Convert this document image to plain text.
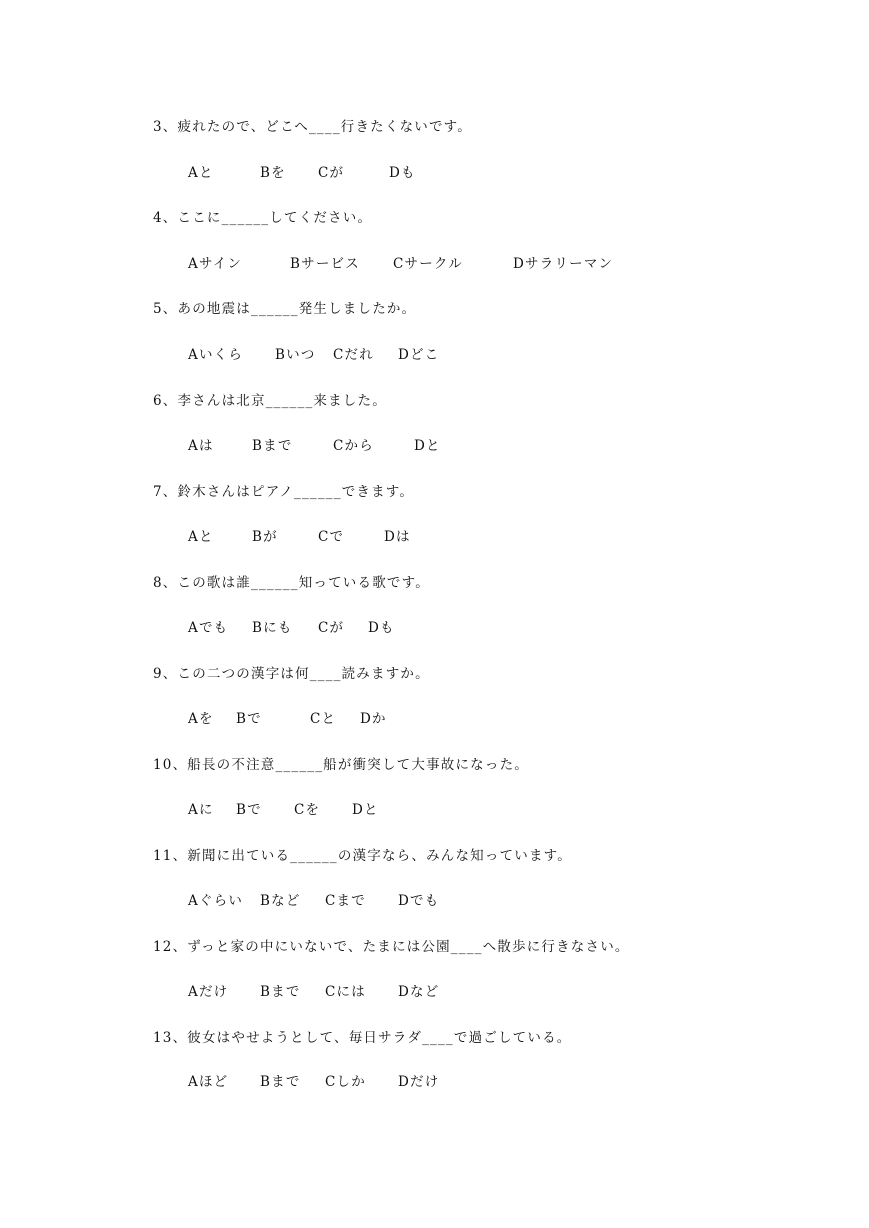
3、疲れたので、どこへ____行きたくないです。
Aと	Bを Cが	Dも
4、ここに______してください。
Aサイン	Bサービス Cサークル	Dサラリーマン
5、あの地震は______発生しましたか。
Aいくら Bいつ Cだれ Dどこ
6、李さんは北京______来ました。
Aは	Bまで	Cから	Dと
7、鈴木さんはピアノ______できます。
Aと	Bが	Cで	Dは
8、この歌は誰______知っている歌です。
Aでも Bにも Cが Dも
9、この二つの漢字は何____読みますか。
Aを Bで	Cと Dか
10、船長の不注意______船が衝突して大事故になった。
Aに Bで Cを Dと
11、新聞に出ている______の漢字なら、みんな知っています。
Aぐらい Bなど Cまで Dでも
12、ずっと家の中にいないで、たまには公園____へ散歩に行きなさい。
Aだけ Bまで Cには Dなど
13、彼女はやせようとして、毎日サラダ____で過ごしている。
Aほど Bまで Cしか Dだけ
